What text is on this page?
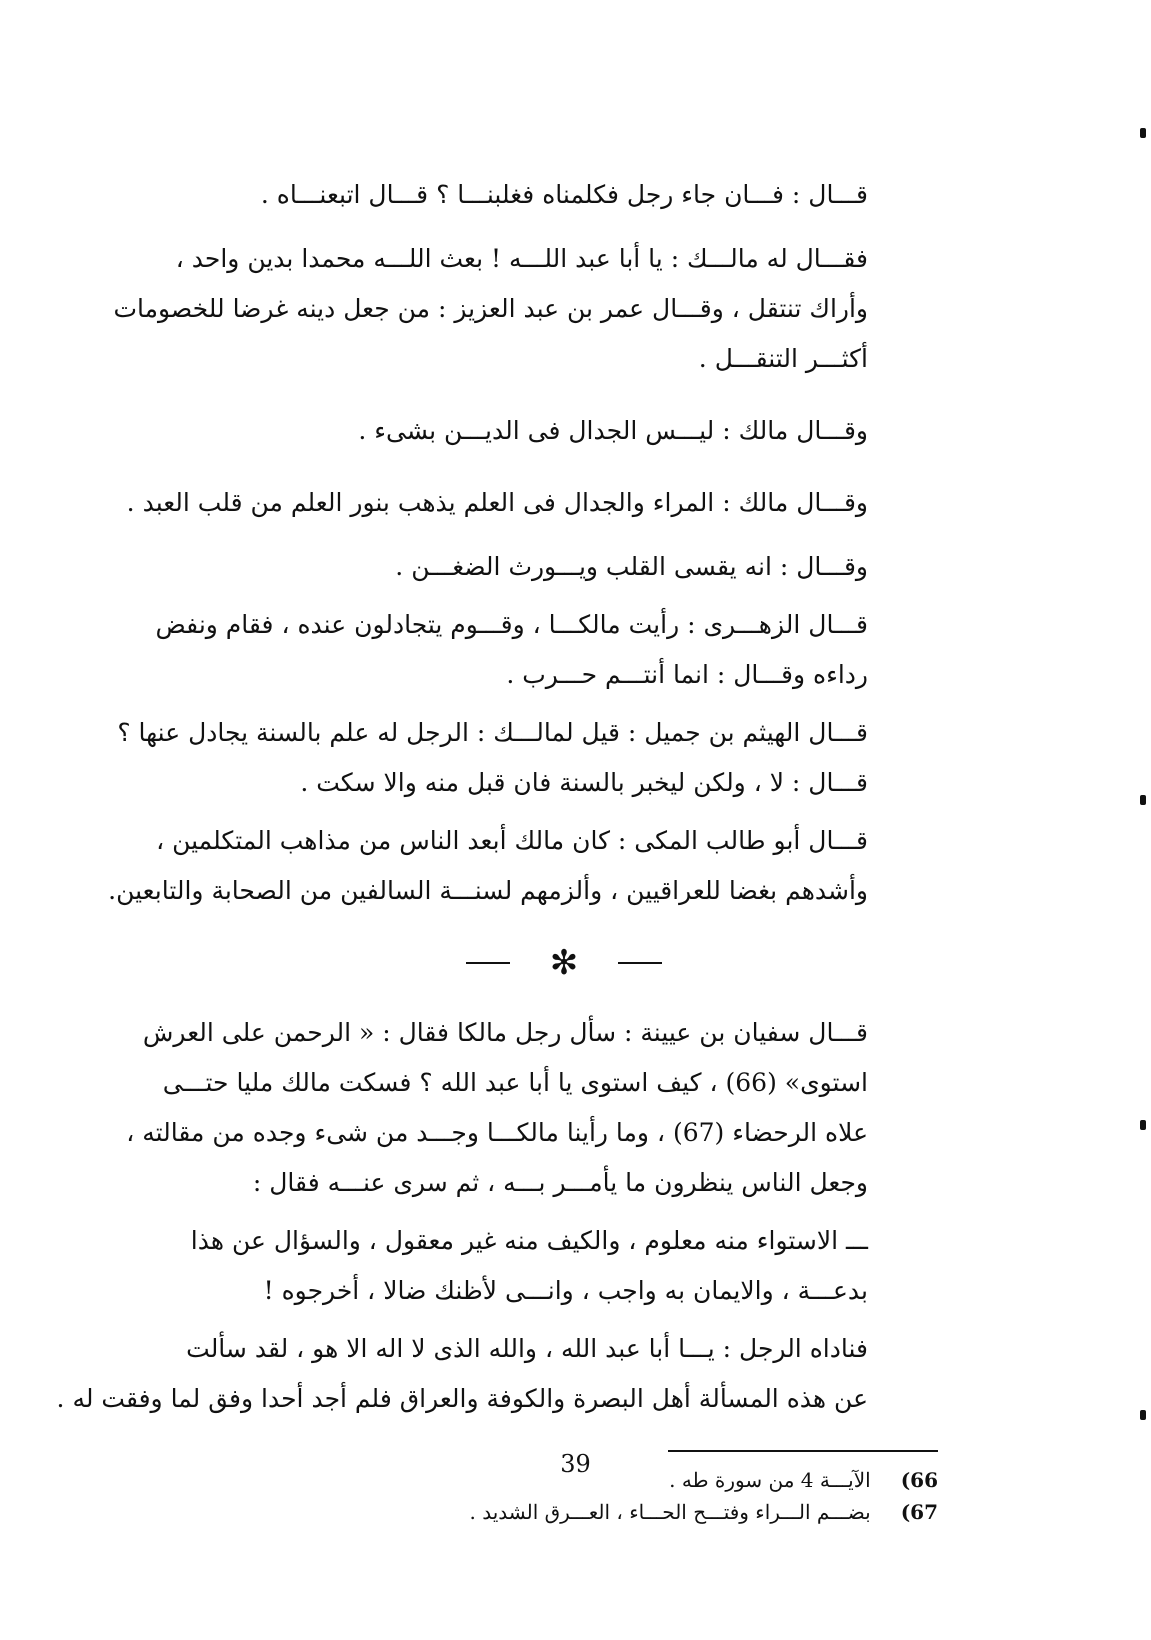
قـــال : فـــان جاء رجل فكلمناه فغلبنـــا ؟ قـــال اتبعنـــاه .
فقـــال له مالـــك : يا أبا عبد اللـــه ! بعث اللـــه محمدا بدين واحد ،
وأراك تنتقل ، وقـــال عمر بن عبد العزيز : من جعل دينه غرضا للخصومات
أكثـــر التنقـــل .
وقـــال مالك : ليـــس الجدال فى الديـــن بشىء .
وقـــال مالك : المراء والجدال فى العلم يذهب بنور العلم من قلب العبد .
وقـــال : انه يقسى القلب ويـــورث الضغـــن .
قـــال الزهـــرى : رأيت مالكـــا ، وقـــوم يتجادلون عنده ، فقام ونفض
رداءه وقـــال : انما أنتـــم حـــرب .
قـــال الهيثم بن جميل : قيل لمالـــك : الرجل له علم بالسنة يجادل عنها ؟
قـــال : لا ، ولكن ليخبر بالسنة فان قبل منه والا سكت .
قـــال أبو طالب المكى : كان مالك أبعد الناس من مذاهب المتكلمين ،
وأشدهم بغضا للعراقيين ، وألزمهم لسنـــة السالفين من الصحابة والتابعين.
✻
قـــال سفيان بن عيينة : سأل رجل مالكا فقال : « الرحمن على العرش
استوى» (66) ، كيف استوى يا أبا عبد الله ؟ فسكت مالك مليا حتـــى
علاه الرحضاء (67) ، وما رأينا مالكـــا وجـــد من شىء وجده من مقالته ،
وجعل الناس ينظرون ما يأمـــر بـــه ، ثم سرى عنـــه فقال :
ـــ الاستواء منه معلوم ، والكيف منه غير معقول ، والسؤال عن هذا
بدعـــة ، والايمان به واجب ، وانـــى لأظنك ضالا ، أخرجوه !
فناداه الرجل : يـــا أبا عبد الله ، والله الذى لا اله الا هو ، لقد سألت
عن هذه المسألة أهل البصرة والكوفة والعراق فلم أجد أحدا وفق لما وفقت له .
66)
الآيـــة 4 من سورة طه .
67)
بضـــم الـــراء وفتـــح الحـــاء ، العـــرق الشديد .
39
